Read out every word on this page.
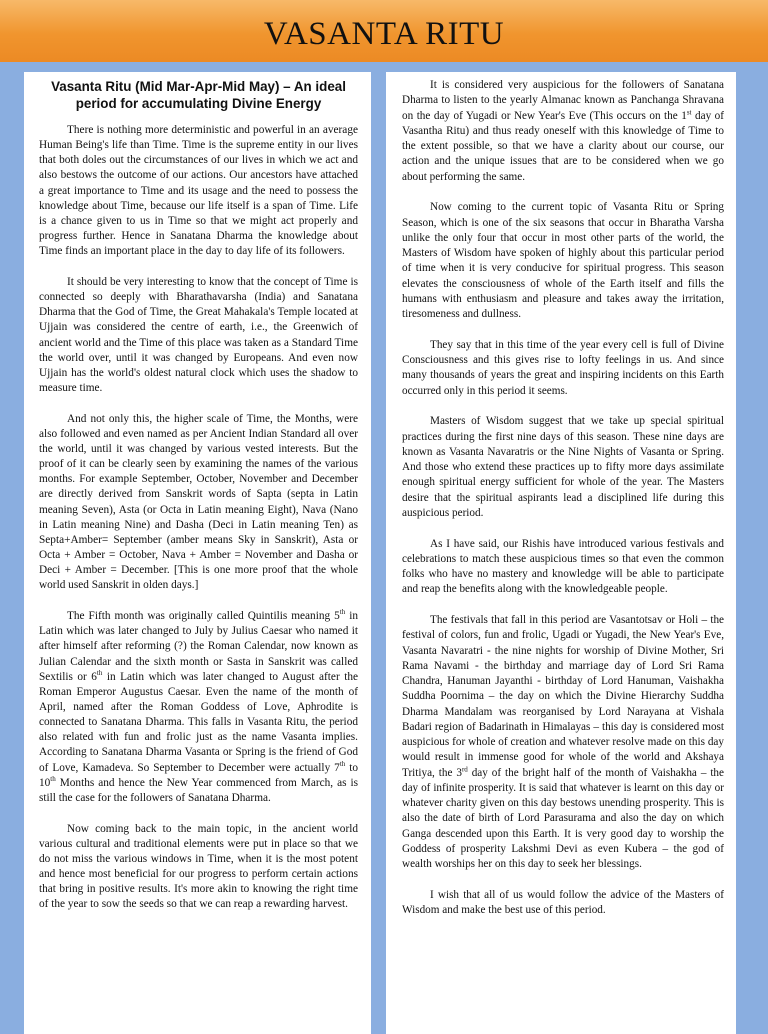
VASANTA RITU
Vasanta Ritu (Mid Mar-Apr-Mid May) – An ideal period for accumulating Divine Energy

There is nothing more deterministic and powerful in an average Human Being's life than Time. Time is the supreme entity in our lives that both doles out the circumstances of our lives in which we act and also bestows the outcome of our actions. Our ancestors have attached a great importance to Time and its usage and the need to possess the knowledge about Time, because our life itself is a span of Time. Life is a chance given to us in Time so that we might act properly and progress further. Hence in Sanatana Dharma the knowledge about Time finds an important place in the day to day life of its followers.

It should be very interesting to know that the concept of Time is connected so deeply with Bharathavarsha (India) and Sanatana Dharma that the God of Time, the Great Mahakala's Temple located at Ujjain was considered the centre of earth, i.e., the Greenwich of ancient world and the Time of this place was taken as a Standard Time the world over, until it was changed by Europeans. And even now Ujjain has the world's oldest natural clock which uses the shadow to measure time.

And not only this, the higher scale of Time, the Months, were also followed and even named as per Ancient Indian Standard all over the world, until it was changed by various vested interests. But the proof of it can be clearly seen by examining the names of the various months. For example September, October, November and December are directly derived from Sanskrit words of Sapta (septa in Latin meaning Seven), Asta (or Octa in Latin meaning Eight), Nava (Nano in Latin meaning Nine) and Dasha (Deci in Latin meaning Ten) as Septa+Amber= September (amber means Sky in Sanskrit), Asta or Octa + Amber = October, Nava + Amber = November and Dasha or Deci + Amber = December. [This is one more proof that the whole world used Sanskrit in olden days.]

The Fifth month was originally called Quintilis meaning 5th in Latin which was later changed to July by Julius Caesar who named it after himself after reforming (?) the Roman Calendar, now known as Julian Calendar and the sixth month or Sasta in Sanskrit was called Sextilis or 6th in Latin which was later changed to August after the Roman Emperor Augustus Caesar. Even the name of the month of April, named after the Roman Goddess of Love, Aphrodite is connected to Sanatana Dharma. This falls in Vasanta Ritu, the period also related with fun and frolic just as the name Vasanta implies. According to Sanatana Dharma Vasanta or Spring is the friend of God of Love, Kamadeva. So September to December were actually 7th to 10th Months and hence the New Year commenced from March, as is still the case for the followers of Sanatana Dharma.

Now coming back to the main topic, in the ancient world various cultural and traditional elements were put in place so that we do not miss the various windows in Time, when it is the most potent and hence most beneficial for our progress to perform certain actions that bring in positive results. It's more akin to knowing the right time of the year to sow the seeds so that we can reap a rewarding harvest.

It is considered very auspicious for the followers of Sanatana Dharma to listen to the yearly Almanac known as Panchanga Shravana on the day of Yugadi or New Year's Eve (This occurs on the 1st day of Vasantha Ritu) and thus ready oneself with this knowledge of Time to the extent possible, so that we have a clarity about our course, our action and the unique issues that are to be considered when we go about performing the same.

Now coming to the current topic of Vasanta Ritu or Spring Season, which is one of the six seasons that occur in Bharatha Varsha unlike the only four that occur in most other parts of the world, the Masters of Wisdom have spoken of highly about this particular period of time when it is very conducive for spiritual progress. This season elevates the consciousness of whole of the Earth itself and fills the humans with enthusiasm and pleasure and takes away the irritation, tiresomeness and dullness.

They say that in this time of the year every cell is full of Divine Consciousness and this gives rise to lofty feelings in us. And since many thousands of years the great and inspiring incidents on this Earth occurred only in this period it seems.

Masters of Wisdom suggest that we take up special spiritual practices during the first nine days of this season. These nine days are known as Vasanta Navaratris or the Nine Nights of Vasanta or Spring. And those who extend these practices up to fifty more days assimilate enough spiritual energy sufficient for whole of the year. The Masters desire that the spiritual aspirants lead a disciplined life during this auspicious period.

As I have said, our Rishis have introduced various festivals and celebrations to match these auspicious times so that even the common folks who have no mastery and knowledge will be able to participate and reap the benefits along with the knowledgeable people.

The festivals that fall in this period are Vasantotsav or Holi – the festival of colors, fun and frolic, Ugadi or Yugadi, the New Year's Eve, Vasanta Navaratri - the nine nights for worship of Divine Mother, Sri Rama Navami - the birthday and marriage day of Lord Sri Rama Chandra, Hanuman Jayanthi - birthday of Lord Hanuman, Vaishakha Suddha Poornima – the day on which the Divine Hierarchy Suddha Dharma Mandalam was reorganised by Lord Narayana at Vishala Badari region of Badarinath in Himalayas – this day is considered most auspicious for whole of creation and whatever resolve made on this day would result in immense good for whole of the world and Akshaya Tritiya, the 3rd day of the bright half of the month of Vaishakha – the day of infinite prosperity. It is said that whatever is learnt on this day or whatever charity given on this day bestows unending prosperity. This is also the date of birth of Lord Parasurama and also the day on which Ganga descended upon this Earth. It is very good day to worship the Goddess of prosperity Lakshmi Devi as even Kubera – the god of wealth worships her on this day to seek her blessings.

I wish that all of us would follow the advice of the Masters of Wisdom and make the best use of this period.
